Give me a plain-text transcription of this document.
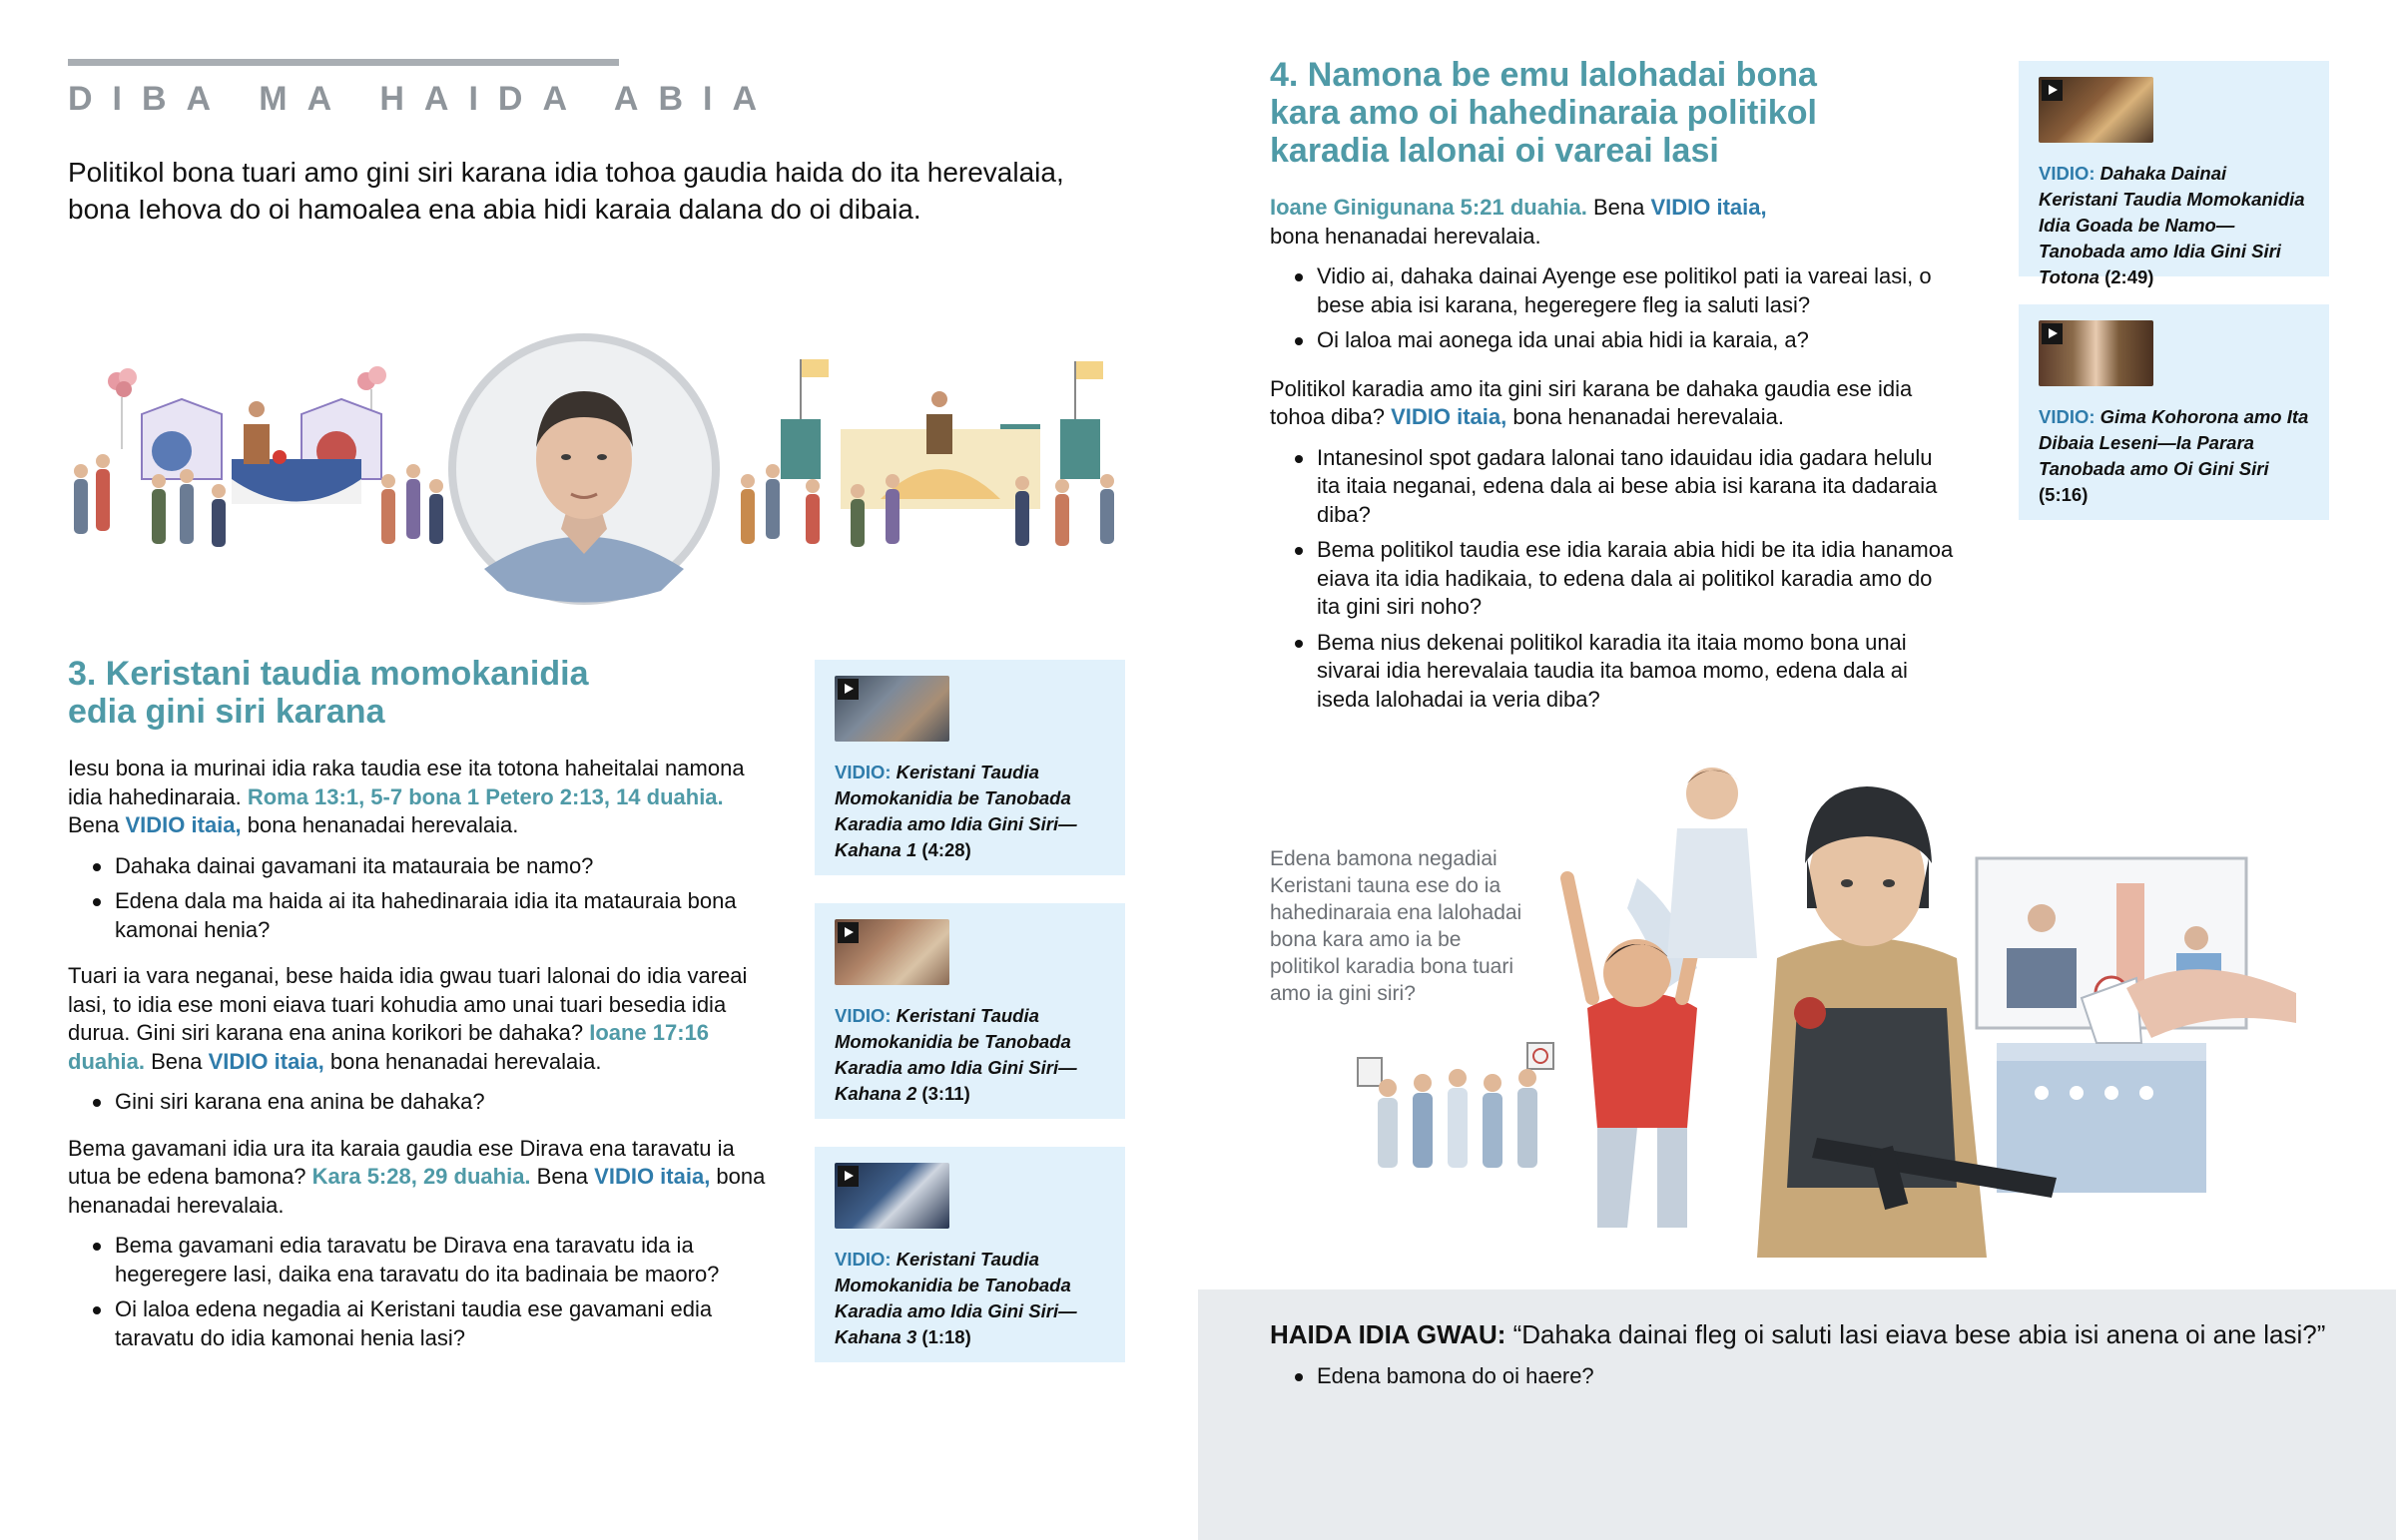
DIBA MA HAIDA ABIA
Politikol bona tuari amo gini siri karana idia tohoa gaudia haida do ita herevalaia, bona Iehova do oi hamoalea ena abia hidi karaia dalana do oi dibaia.
3. Keristani taudia momokanidia
edia gini siri karana

Iesu bona ia murinai idia raka taudia ese ita totona haheitalai namona idia hahedinaraia. Roma 13:1, 5-7 bona 1 Petero 2:13, 14 duahia. Bena VIDIO itaia, bona henanadai herevalaia.

Dahaka dainai gavamani ita matauraia be namo?
Edena dala ma haida ai ita hahedinaraia idia ita matauraia bona kamonai henia?

Tuari ia vara neganai, bese haida idia gwau tuari lalonai do idia vareai lasi, to idia ese moni eiava tuari kohudia amo unai tuari besedia idia durua. Gini siri karana ena anina korikori be dahaka? Ioane 17:16 duahia. Bena VIDIO itaia, bona henanadai herevalaia.

Gini siri karana ena anina be dahaka?

Bema gavamani idia ura ita karaia gaudia ese Dirava ena taravatu ia utua be edena bamona? Kara 5:28, 29 duahia. Bena VIDIO itaia, bona henanadai herevalaia.

Bema gavamani edia taravatu be Dirava ena taravatu ida ia hegeregere lasi, daika ena taravatu do ita badinaia be maoro?
Oi laloa edena negadia ai Keristani taudia ese gavamani edia taravatu do idia kamonai henia lasi?
VIDIO: Keristani Taudia Momokanidia be Tanobada Karadia amo Idia Gini Siri—Kahana 1 (4:28)
VIDIO: Keristani Taudia Momokanidia be Tanobada Karadia amo Idia Gini Siri—Kahana 2 (3:11)
VIDIO: Keristani Taudia Momokanidia be Tanobada Karadia amo Idia Gini Siri—Kahana 3 (1:18)
4. Namona be emu lalohadai bona
kara amo oi hahedinaraia politikol
karadia lalonai oi vareai lasi

Ioane Ginigunana 5:21 duahia. Bena VIDIO itaia,
bona henanadai herevalaia.

Vidio ai, dahaka dainai Ayenge ese politikol pati ia vareai lasi, o bese abia isi karana, hegeregere fleg ia saluti lasi?
Oi laloa mai aonega ida unai abia hidi ia karaia, a?

Politikol karadia amo ita gini siri karana be dahaka gaudia ese idia tohoa diba? VIDIO itaia, bona henanadai herevalaia.

Intanesinol spot gadara lalonai tano idauidau idia gadara helulu ita itaia neganai, edena dala ai bese abia isi karana ita dadaraia diba?
Bema politikol taudia ese idia karaia abia hidi be ita idia hanamoa eiava ita idia hadikaia, to edena dala ai politikol karadia amo do ita gini siri noho?
Bema nius dekenai politikol karadia ita itaia momo bona unai sivarai idia herevalaia taudia ita bamoa momo, edena dala ai iseda lalohadai ia veria diba?
VIDIO: Dahaka Dainai Keristani Taudia Momokanidia Idia Goada be Namo—Tanobada amo Idia Gini Siri Totona (2:49)
VIDIO: Gima Kohorona amo Ita Dibaia Leseni—Ia Parara Tanobada amo Oi Gini Siri (5:16)
Edena bamona negadiai Keristani tauna ese do ia hahedinaraia ena lalohadai bona kara amo ia be politikol karadia bona tuari amo ia gini siri?
HAIDA IDIA GWAU: “Dahaka dainai fleg oi saluti lasi eiava bese abia isi anena oi ane lasi?”
Edena bamona do oi haere?
